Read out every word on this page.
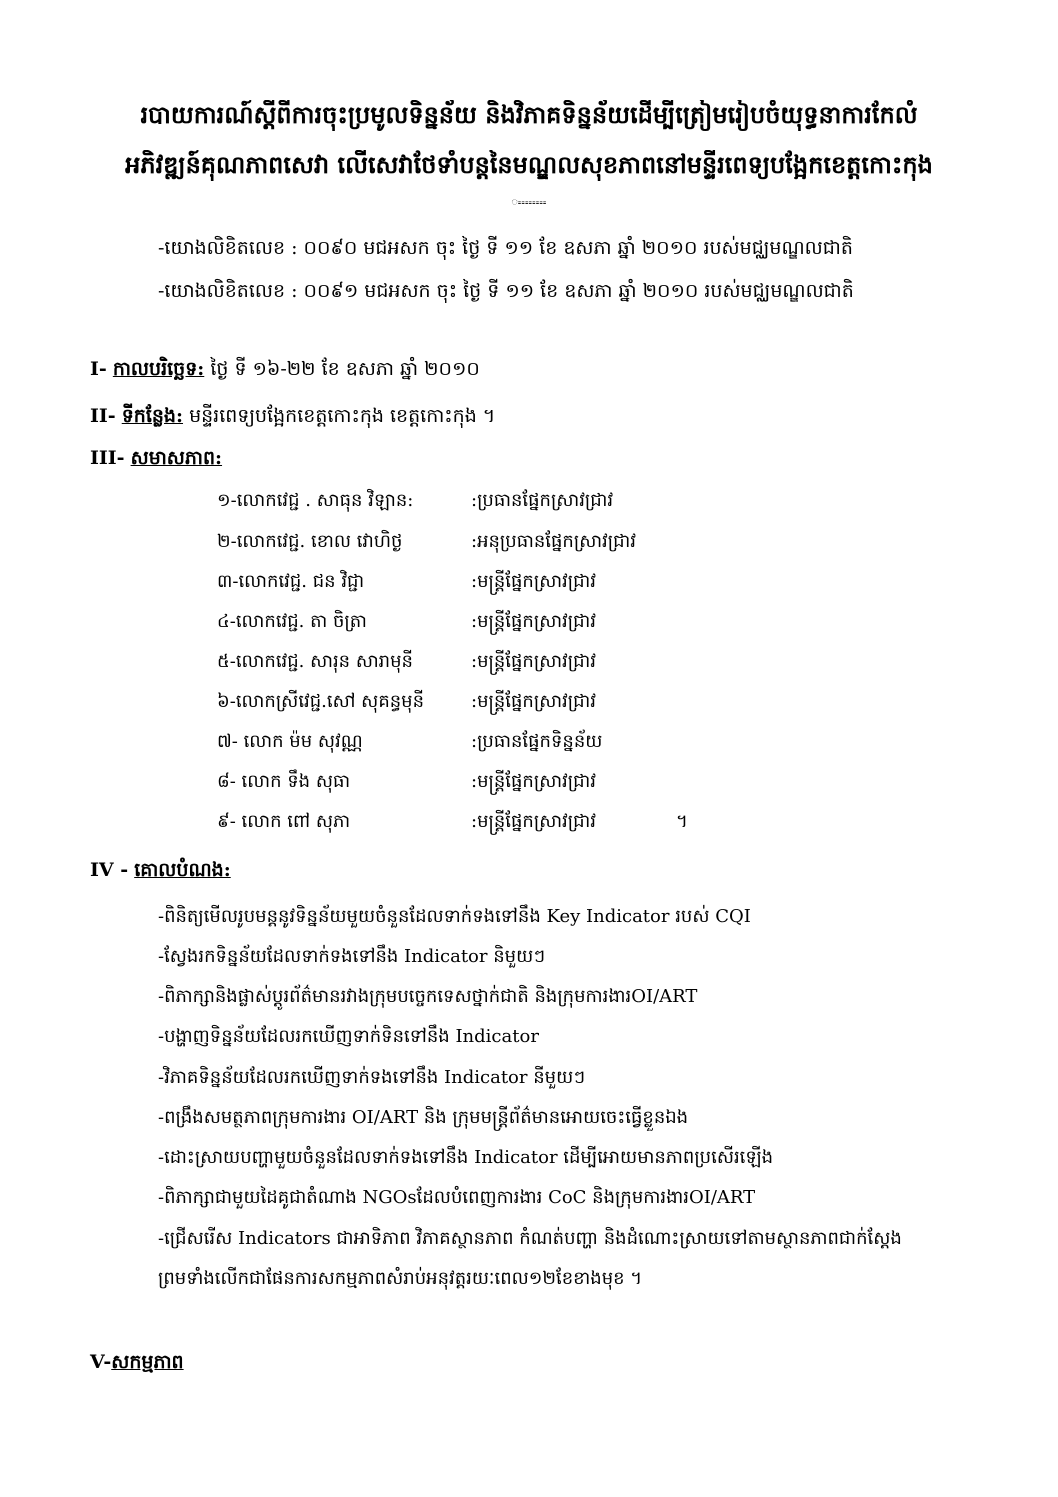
របាយការណ៍ស្តីពីការចុះប្រមូលទិន្នន័យ និងវិភាគទិន្នន័យដើម្បីត្រៀមរៀបចំយុទ្ធនាការកែលំ
អភិវឌ្ឍន៍គុណភាពសេវា លើសេវាថែទាំបន្តនៃមណ្ឌលសុខភាពនៅមន្ទីរពេទ្យបង្អែកខេត្តកោះកុង
ᯫᯫᯫᯫᯫᯫᯫᯫ
-យោងលិខិតលេខ : ០០៩០ មជអសក ចុះ ថ្ងៃ ទី ១១ ខែ ឧសភា ឆ្នាំ ២០១០ របស់មជ្ឈមណ្ឌលជាតិ
-យោងលិខិតលេខ : ០០៩១ មជអសក ចុះ ថ្ងៃ ទី ១១ ខែ ឧសភា ឆ្នាំ ២០១០ របស់មជ្ឈមណ្ឌលជាតិ
I- កាលបរិច្ឆេទ: ថ្ងៃ ទី ១៦-២២ ខែ ឧសភា ឆ្នាំ ២០១០
II- ទីកន្លែង: មន្ទីរពេទ្យបង្អែកខេត្តកោះកុង ខេត្តកោះកុង ។
III- សមាសភាព:
១-លោកវេជ្ជ . សាធុន វិឡាន:	:ប្រធានផ្នែកស្រាវជ្រាវ
២-លោកវេជ្ជ. ខោល វោហិថ្ង	:អនុប្រធានផ្នែកស្រាវជ្រាវ
៣-លោកវេជ្ជ. ជន វិជ្ជា	:មន្ត្រីផ្នែកស្រាវជ្រាវ
៤-លោកវេជ្ជ. តា ចិត្រា	:មន្ត្រីផ្នែកស្រាវជ្រាវ
៥-លោកវេជ្ជ. សារុន សារាមុនី	:មន្ត្រីផ្នែកស្រាវជ្រាវ
៦-លោកស្រីវេជ្ជ.សៅ សុគន្ធមុនី	:មន្ត្រីផ្នែកស្រាវជ្រាវ
៧- លោក ម៉ម សុវណ្ណ	:ប្រធានផ្នែកទិន្នន័យ
៨- លោក ទឹង សុធា	:មន្ត្រីផ្នែកស្រាវជ្រាវ
៩- លោក ពៅ សុភា	:មន្ត្រីផ្នែកស្រាវជ្រាវ	។
IV - គោលបំណង:
-ពិនិត្យមើលរូបមន្តនូវទិន្នន័យមួយចំនួនដែលទាក់ទងទៅនឹង Key Indicator របស់ CQI
-ស្វែងរកទិន្នន័យដែលទាក់ទងទៅនឹង Indicator និមួយៗ
-ពិភាក្សានិងផ្លាស់ប្តូរព័ត៌មានរវាងក្រុមបច្ចេកទេសថ្នាក់ជាតិ និងក្រុមការងារOI/ART
-បង្ហាញទិន្នន័យដែលរកឃើញទាក់ទិនទៅនឹង Indicator
-វិភាគទិន្នន័យដែលរកឃើញទាក់ទងទៅនឹង Indicator នីមួយៗ
-ពង្រឹងសមត្ថភាពក្រុមការងារ OI/ART និង ក្រុមមន្ត្រីព័ត៌មានអោយចេះធ្វើខ្លួនឯង
-ដោះស្រាយបញ្ហាមួយចំនួនដែលទាក់ទងទៅនឹង Indicator ដើម្បីអោយមានភាពប្រសើរឡើង
-ពិភាក្សាជាមួយដៃគូជាតំណាង NGOsដែលបំពេញការងារ CoC និងក្រុមការងារOI/ART
-ជ្រើសរើស Indicators ជាអាទិភាព វិភាគស្ថានភាព កំណត់បញ្ហា និងដំណោះស្រាយទៅតាមស្ថានភាពជាក់ស្តែង
ព្រមទាំងលើកជាផែនការសកម្មភាពសំរាប់អនុវត្តរយៈពេល១២ខែខាងមុខ ។
V-សកម្មភាព
